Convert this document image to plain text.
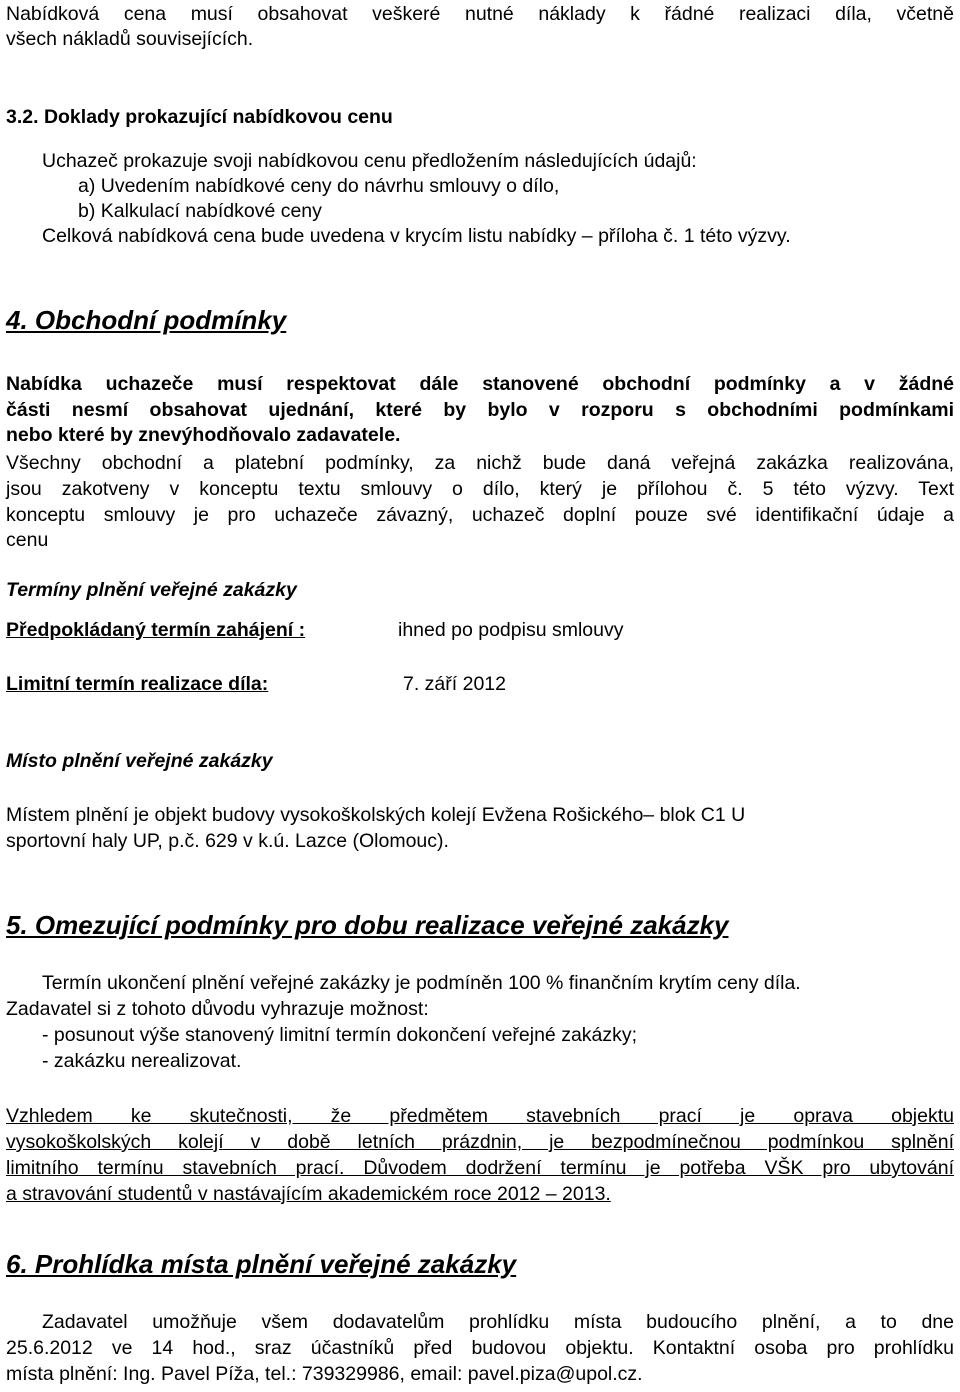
Nabídková cena musí obsahovat veškeré nutné náklady k řádné realizaci díla, včetně
všech nákladů souvisejících.
3.2. Doklady prokazující nabídkovou cenu
Uchazeč prokazuje svoji nabídkovou cenu předložením následujících údajů:
a) Uvedením nabídkové ceny do návrhu smlouvy o dílo,
b) Kalkulací nabídkové ceny
Celková nabídková cena bude uvedena v krycím listu nabídky – příloha č. 1 této výzvy.
4. Obchodní podmínky
Nabídka uchazeče musí respektovat dále stanovené obchodní podmínky a v žádné
části nesmí obsahovat ujednání, které by bylo v rozporu s obchodními podmínkami
nebo které by znevýhodňovalo zadavatele.
Všechny obchodní a platební podmínky, za nichž bude daná veřejná zakázka realizována,
jsou zakotveny v konceptu textu smlouvy o dílo, který je přílohou č. 5 této výzvy. Text
konceptu smlouvy je pro uchazeče závazný, uchazeč doplní pouze své identifikační údaje a
cenu
Termíny plnění veřejné zakázky
Předpokládaný termín zahájení :	ihned po podpisu smlouvy
Limitní termín realizace díla:	7. září 2012
Místo plnění veřejné zakázky
Místem plnění je objekt budovy vysokoškolských kolejí Evžena Rošického– blok C1 U
sportovní haly UP, p.č. 629 v k.ú. Lazce (Olomouc).
5. Omezující podmínky pro dobu realizace veřejné zakázky
Termín ukončení plnění veřejné zakázky je podmíněn 100 % finančním krytím ceny díla.
Zadavatel si z tohoto důvodu vyhrazuje možnost:
- posunout výše stanovený limitní termín dokončení veřejné zakázky;
- zakázku nerealizovat.
Vzhledem ke skutečnosti, že předmětem stavebních prací je oprava objektu
vysokoškolských kolejí v době letních prázdnin, je bezpodmínečnou podmínkou splnění
limitního termínu stavebních prací. Důvodem dodržení termínu je potřeba VŠK pro ubytování
a stravování studentů v nastávajícím akademickém roce 2012 – 2013.
6. Prohlídka místa plnění veřejné zakázky
Zadavatel umožňuje všem dodavatelům prohlídku místa budoucího plnění, a to dne
25.6.2012 ve 14 hod., sraz účastníků před budovou objektu. Kontaktní osoba pro prohlídku
místa plnění: Ing. Pavel Píža, tel.: 739329986, email: pavel.piza@upol.cz.
